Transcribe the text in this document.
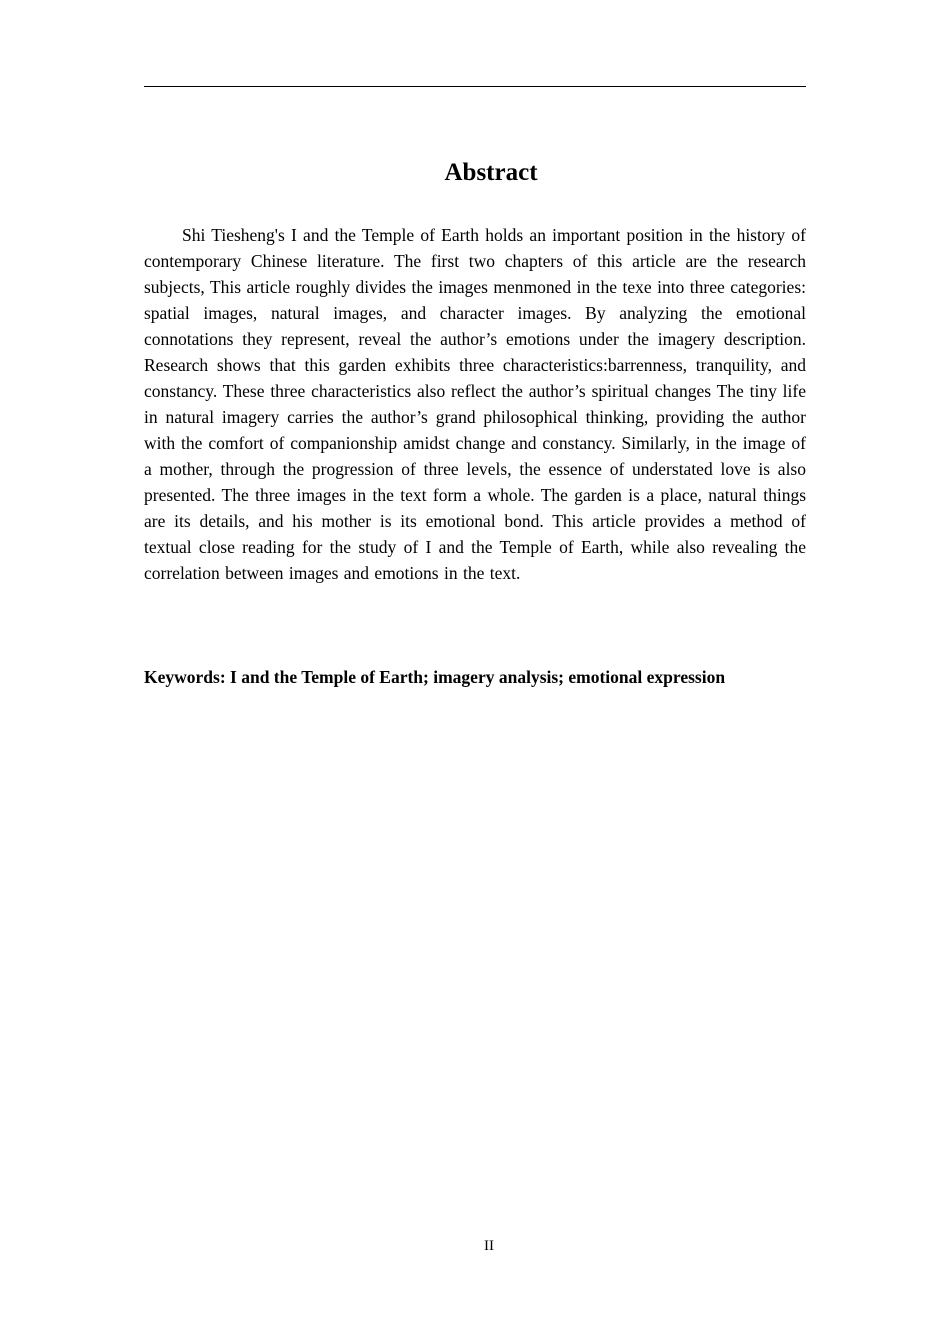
Abstract

Shi Tiesheng's I and the Temple of Earth holds an important position in the history of contemporary Chinese literature. The first two chapters of this article are the research subjects, This article roughly divides the images menmoned in the texe into three categories: spatial images, natural images, and character images. By analyzing the emotional connotations they represent, reveal the author’s emotions under the imagery description. Research shows that this garden exhibits three characteristics:barrenness, tranquility, and constancy. These three characteristics also reflect the author’s spiritual changes The tiny life in natural imagery carries the author’s grand philosophical thinking, providing the author with the comfort of companionship amidst change and constancy. Similarly, in the image of a mother, through the progression of three levels, the essence of understated love is also presented. The three images in the text form a whole. The garden is a place, natural things are its details, and his mother is its emotional bond. This article provides a method of textual close reading for the study of I and the Temple of Earth, while also revealing the correlation between images and emotions in the text.

Keywords: I and the Temple of Earth; imagery analysis; emotional expression

II
